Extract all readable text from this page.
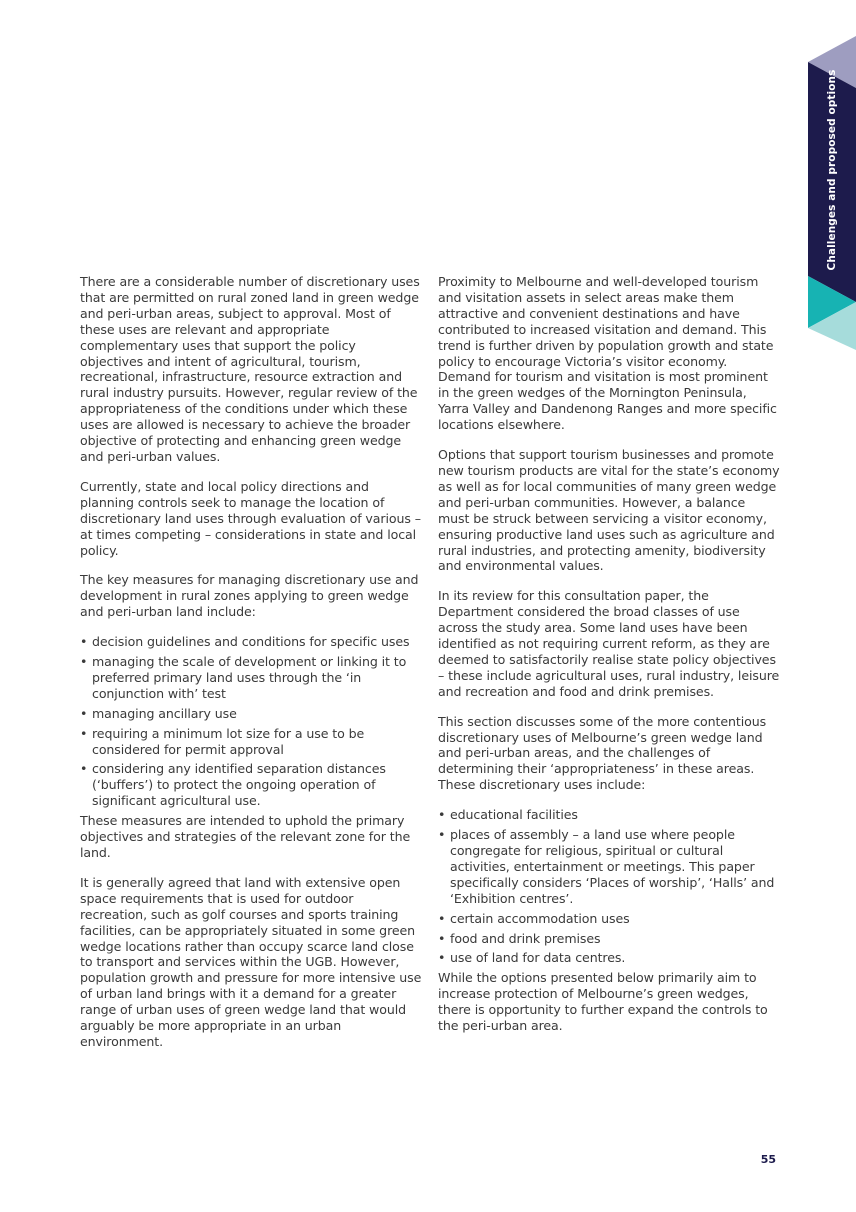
Challenges and proposed options

There are a considerable number of discretionary uses that are permitted on rural zoned land in green wedge and peri-urban areas, subject to approval. Most of these uses are relevant and appropriate complementary uses that support the policy objectives and intent of agricultural, tourism, recreational, infrastructure, resource extraction and rural industry pursuits. However, regular review of the appropriateness of the conditions under which these uses are allowed is necessary to achieve the broader objective of protecting and enhancing green wedge and peri-urban values.

Currently, state and local policy directions and planning controls seek to manage the location of discretionary land uses through evaluation of various – at times competing – considerations in state and local policy.

The key measures for managing discretionary use and development in rural zones applying to green wedge and peri-urban land include:

• decision guidelines and conditions for specific uses
• managing the scale of development or linking it to preferred primary land uses through the ‘in conjunction with’ test
• managing ancillary use
• requiring a minimum lot size for a use to be considered for permit approval
• considering any identified separation distances (‘buffers’) to protect the ongoing operation of significant agricultural use.

These measures are intended to uphold the primary objectives and strategies of the relevant zone for the land.

It is generally agreed that land with extensive open space requirements that is used for outdoor recreation, such as golf courses and sports training facilities, can be appropriately situated in some green wedge locations rather than occupy scarce land close to transport and services within the UGB. However, population growth and pressure for more intensive use of urban land brings with it a demand for a greater range of urban uses of green wedge land that would arguably be more appropriate in an urban environment.

Proximity to Melbourne and well-developed tourism and visitation assets in select areas make them attractive and convenient destinations and have contributed to increased visitation and demand. This trend is further driven by population growth and state policy to encourage Victoria’s visitor economy. Demand for tourism and visitation is most prominent in the green wedges of the Mornington Peninsula, Yarra Valley and Dandenong Ranges and more specific locations elsewhere.

Options that support tourism businesses and promote new tourism products are vital for the state’s economy as well as for local communities of many green wedge and peri-urban communities. However, a balance must be struck between servicing a visitor economy, ensuring productive land uses such as agriculture and rural industries, and protecting amenity, biodiversity and environmental values.

In its review for this consultation paper, the Department considered the broad classes of use across the study area. Some land uses have been identified as not requiring current reform, as they are deemed to satisfactorily realise state policy objectives – these include agricultural uses, rural industry, leisure and recreation and food and drink premises.

This section discusses some of the more contentious discretionary uses of Melbourne’s green wedge land and peri-urban areas, and the challenges of determining their ‘appropriateness’ in these areas. These discretionary uses include:

• educational facilities
• places of assembly – a land use where people congregate for religious, spiritual or cultural activities, entertainment or meetings. This paper specifically considers ‘Places of worship’, ‘Halls’ and ‘Exhibition centres’.
• certain accommodation uses
• food and drink premises
• use of land for data centres.

While the options presented below primarily aim to increase protection of Melbourne’s green wedges, there is opportunity to further expand the controls to the peri-urban area.

55
